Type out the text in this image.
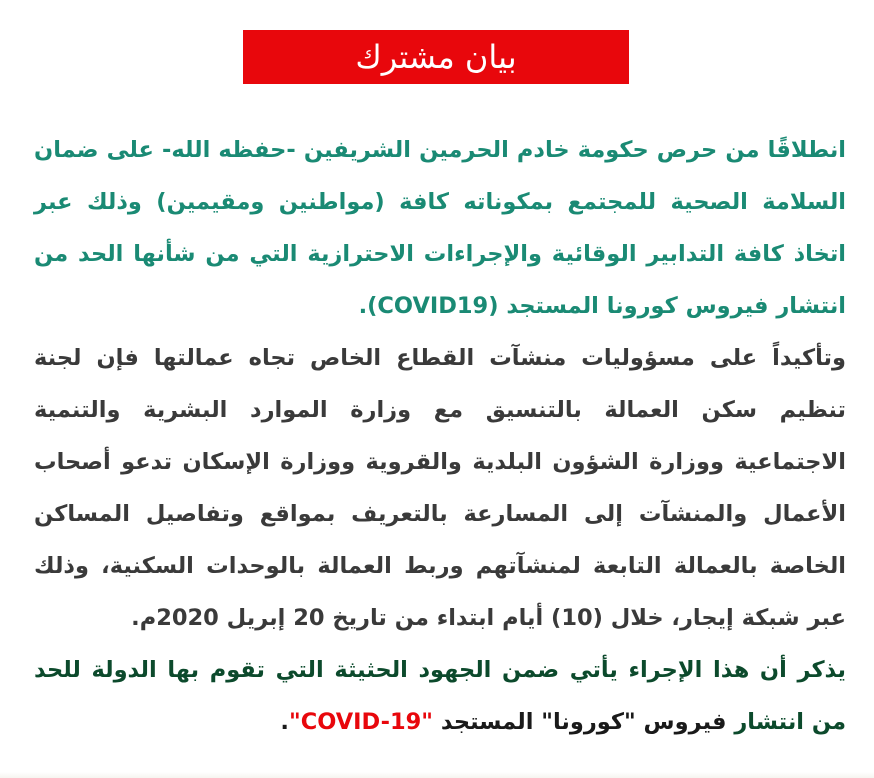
بيان مشترك

انطلاقًا من حرص حكومة خادم الحرمين الشريفين -حفظه الله- على ضمان السلامة الصحية للمجتمع بمكوناته كافة (مواطنين ومقيمين) وذلك عبر اتخاذ كافة التدابير الوقائية والإجراءات الاحترازية التي من شأنها الحد من انتشار فيروس كورونا المستجد (COVID19).

وتأكيداً على مسؤوليات منشآت القطاع الخاص تجاه عمالتها فإن لجنة تنظيم سكن العمالة بالتنسيق مع وزارة الموارد البشرية والتنمية الاجتماعية ووزارة الشؤون البلدية والقروية ووزارة الإسكان تدعو أصحاب الأعمال والمنشآت إلى المسارعة بالتعريف بمواقع وتفاصيل المساكن الخاصة بالعمالة التابعة لمنشآتهم وربط العمالة بالوحدات السكنية، وذلك عبر شبكة إيجار، خلال (10) أيام ابتداء من تاريخ 20 إبريل 2020م.

يذكر أن هذا الإجراء يأتي ضمن الجهود الحثيثة التي تقوم بها الدولة للحد من انتشار فيروس "كورونا" المستجد "COVID-19".
